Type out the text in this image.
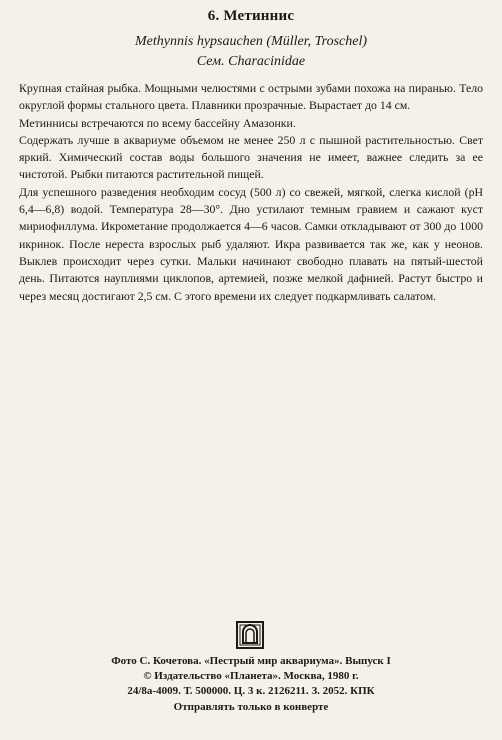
6. Метиннис
Methynnis hypsauchen (Müller, Troschel)
Сем. Characinidae

Крупная стайная рыбка. Мощными челюстями с острыми зубами похожа на пиранью. Тело округлой формы стального цвета. Плавники прозрачные. Вырастает до 14 см.

Метиннисы встречаются по всему бассейну Амазонки.

Содержать лучше в аквариуме объемом не менее 250 л с пышной растительностью. Свет яркий. Химический состав воды большого значения не имеет, важнее следить за ее чистотой. Рыбки питаются растительной пищей.

Для успешного разведения необходим сосуд (500 л) со свежей, мягкой, слегка кислой (pH 6,4—6,8) водой. Температура 28—30°. Дно устилают темным гравием и сажают куст мириофиллума. Икрометание продолжается 4—6 часов. Самки откладывают от 300 до 1000 икринок. После нереста взрослых рыб удаляют. Икра развивается так же, как у неонов. Выклев происходит через сутки. Мальки начинают свободно плавать на пятый-шестой день. Питаются науплиями циклопов, артемией, позже мелкой дафнией. Растут быстро и через месяц достигают 2,5 см. С этого времени их следует подкармливать салатом.

Фото С. Кочетова. «Пестрый мир аквариума». Выпуск I
© Издательство «Планета». Москва, 1980 г.
24/8а-4009. Т. 500000. Ц. 3 к. 2126211. З. 2052. КПК
Отправлять только в конверте
